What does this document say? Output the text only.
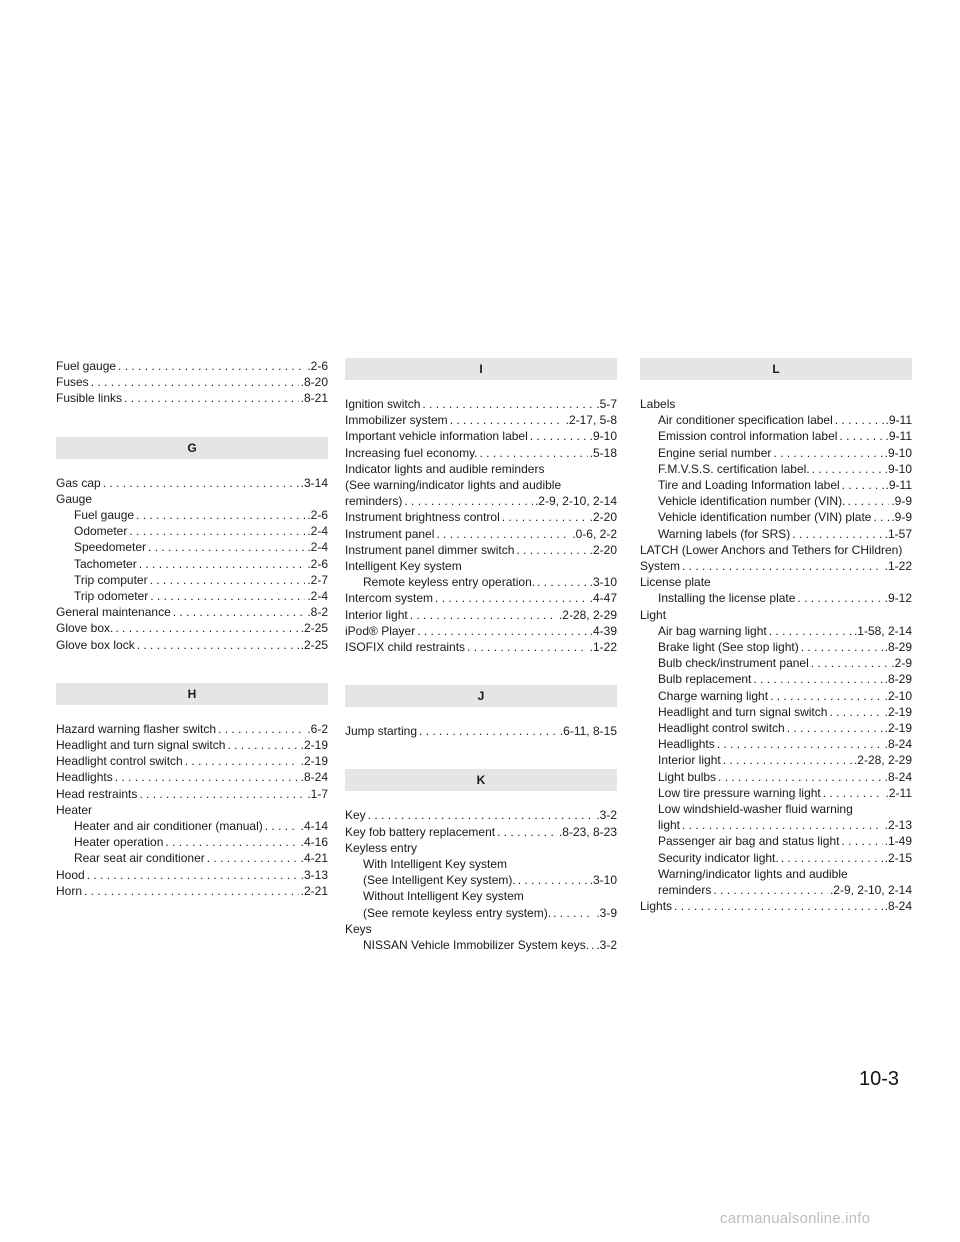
Fuel gauge . . .	.2-6
Fuses . . .	.8-20
Fusible links . . .	.8-21
G
Gas cap . . .	.3-14
Gauge
Fuel gauge . . .	.2-6
Odometer . . .	.2-4
Speedometer . . .	.2-4
Tachometer . . .	.2-6
Trip computer . . .	.2-7
Trip odometer . . .	.2-4
General maintenance . . .	.8-2
Glove box. . . .	.2-25
Glove box lock . . .	.2-25
H
Hazard warning flasher switch . . .	.6-2
Headlight and turn signal switch . . .	.2-19
Headlight control switch . . .	.2-19
Headlights . . .	.8-24
Head restraints . . .	.1-7
Heater
Heater and air conditioner (manual) . . .	.4-14
Heater operation . . .	.4-16
Rear seat air conditioner . . .	.4-21
Hood . . .	.3-13
Horn . . .	.2-21
I
Ignition switch . . .	.5-7
Immobilizer system . . .	.2-17, 5-8
Important vehicle information label . . .	.9-10
Increasing fuel economy. . . .	.5-18
Indicator lights and audible reminders
(See warning/indicator lights and audible
reminders) . . .	.2-9, 2-10, 2-14
Instrument brightness control . . .	.2-20
Instrument panel . . .	.0-6, 2-2
Instrument panel dimmer switch . . .	.2-20
Intelligent Key system
Remote keyless entry operation. . . .	.3-10
Intercom system . . .	.4-47
Interior light . . .	.2-28, 2-29
iPod® Player . . .	.4-39
ISOFIX child restraints . . .	.1-22
J
Jump starting . . .	.6-11, 8-15
K
Key . . .	.3-2
Key fob battery replacement . . .	.8-23, 8-23
Keyless entry
With Intelligent Key system
(See Intelligent Key system). . . .	.3-10
Without Intelligent Key system
(See remote keyless entry system). . . .	.3-9
Keys
NISSAN Vehicle Immobilizer System keys. . . . .3-2
L
Labels
Air conditioner specification label . . .	.9-11
Emission control information label . . .	.9-11
Engine serial number . . .	.9-10
F.M.V.S.S. certification label. . . .	.9-10
Tire and Loading Information label . . .	.9-11
Vehicle identification number (VIN). . . .	.9-9
Vehicle identification number (VIN) plate . . . .9-9
Warning labels (for SRS) . . .	.1-57
LATCH (Lower Anchors and Tethers for CHildren)
System . . .	.1-22
License plate
Installing the license plate . . .	.9-12
Light
Air bag warning light . . .	.1-58, 2-14
Brake light (See stop light) . . .	.8-29
Bulb check/instrument panel . . .	.2-9
Bulb replacement . . .	.8-29
Charge warning light . . .	.2-10
Headlight and turn signal switch . . .	.2-19
Headlight control switch . . .	.2-19
Headlights . . .	.8-24
Interior light . . .	.2-28, 2-29
Light bulbs . . .	.8-24
Low tire pressure warning light . . .	.2-11
Low windshield-washer fluid warning
light . . .	.2-13
Passenger air bag and status light . . .	.1-49
Security indicator light. . . .	.2-15
Warning/indicator lights and audible
reminders . . .	.2-9, 2-10, 2-14
Lights . . .	.8-24
10-3
carmanualsonline.info
